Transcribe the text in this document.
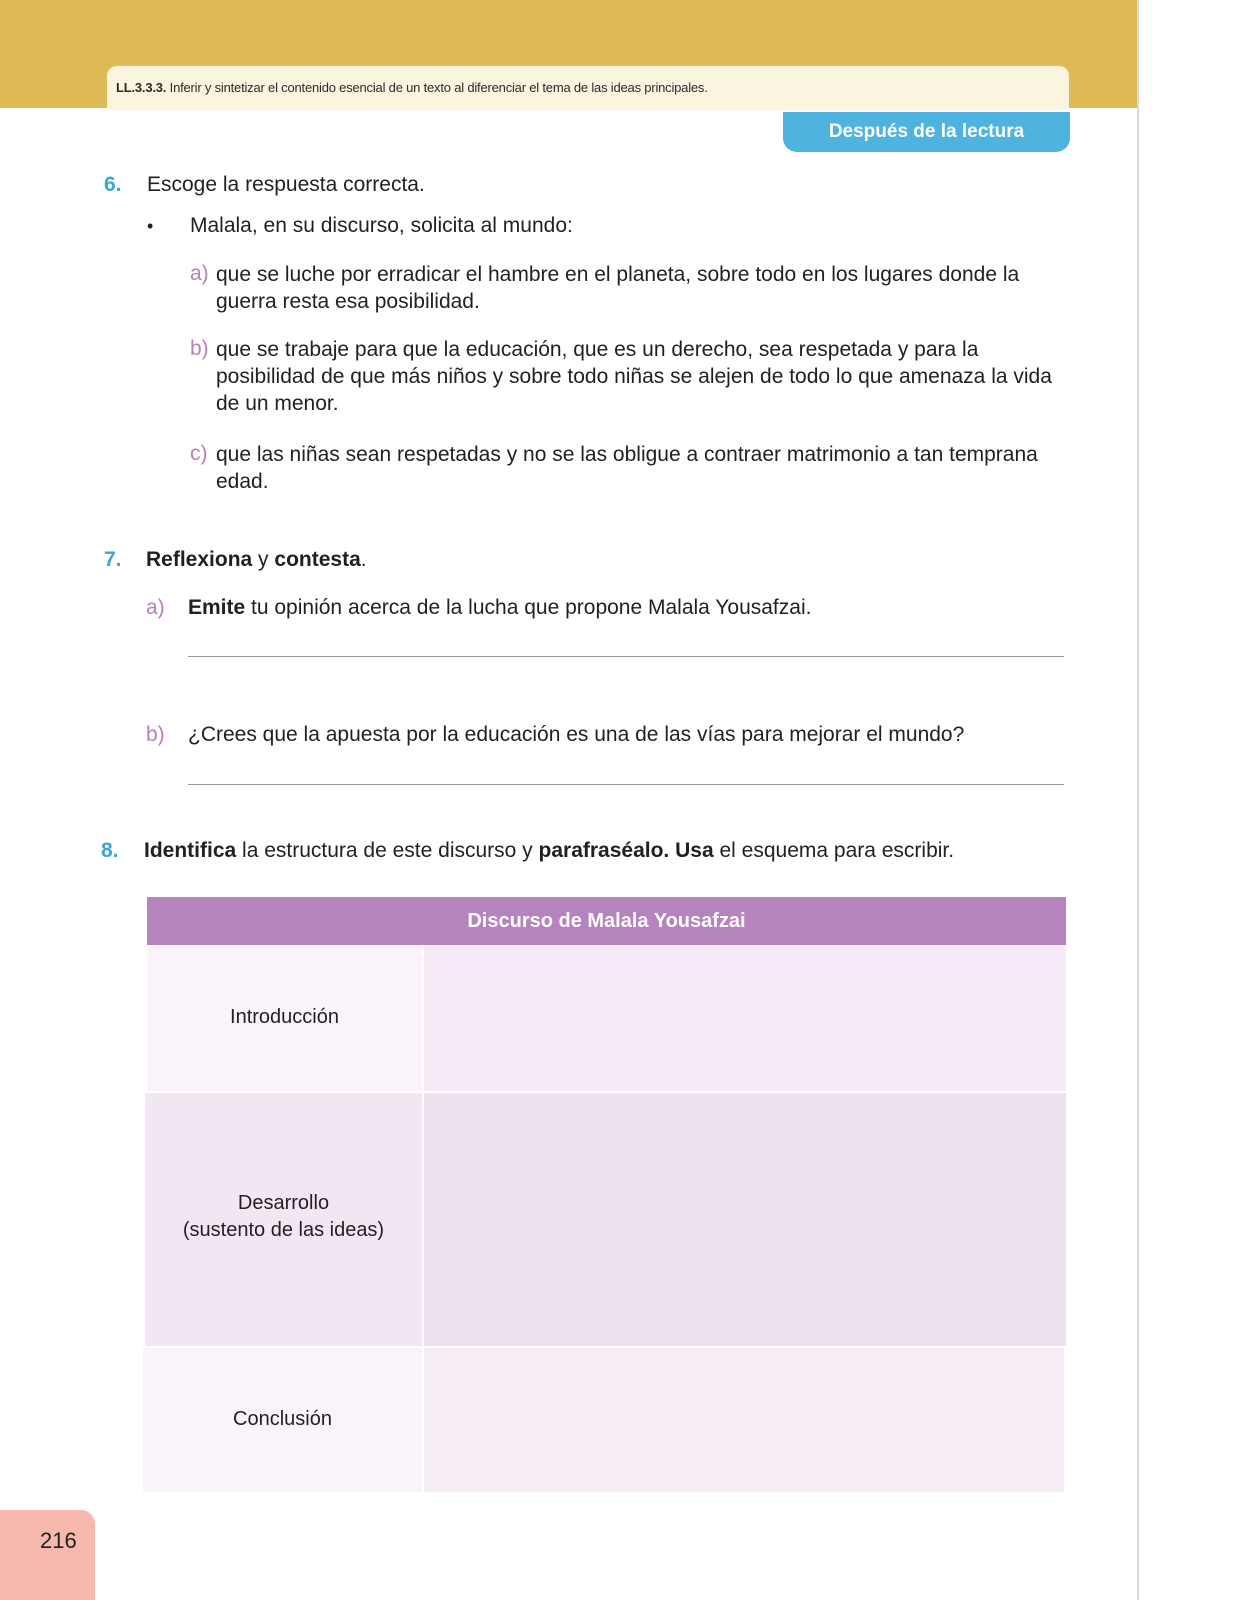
LL.3.3.3. Inferir y sintetizar el contenido esencial de un texto al diferenciar el tema de las ideas principales.
Después de la lectura
6. Escoge la respuesta correcta.
• Malala, en su discurso, solicita al mundo:
a) que se luche por erradicar el hambre en el planeta, sobre todo en los lugares donde la guerra resta esa posibilidad.
b) que se trabaje para que la educación, que es un derecho, sea respetada y para la posibilidad de que más niños y sobre todo niñas se alejen de todo lo que amenaza la vida de un menor.
c) que las niñas sean respetadas y no se las obligue a contraer matrimonio a tan temprana edad.
7. Reflexiona y contesta.
a) Emite tu opinión acerca de la lucha que propone Malala Yousafzai.
b) ¿Crees que la apuesta por la educación es una de las vías para mejorar el mundo?
8. Identifica la estructura de este discurso y parafraséalo. Usa el esquema para escribir.
Discurso de Malala Yousafzai
Introducción
Desarrollo
(sustento de las ideas)
Conclusión
216
